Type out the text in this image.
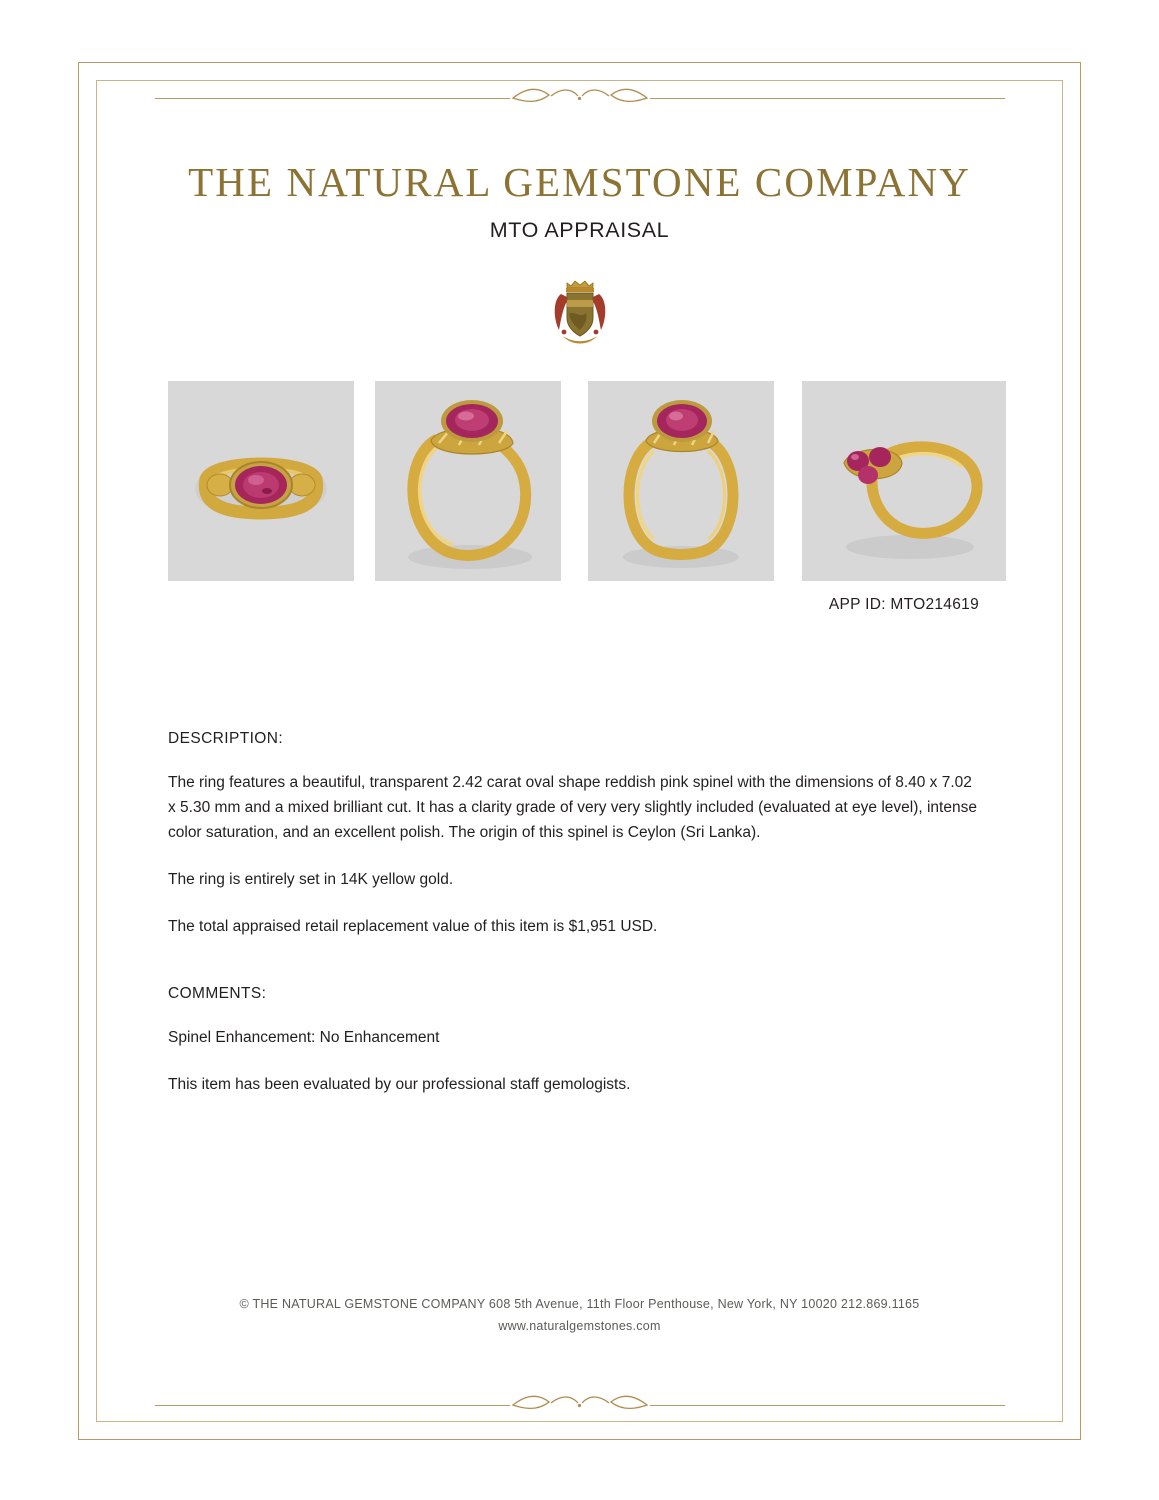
THE NATURAL GEMSTONE COMPANY
MTO APPRAISAL
APP ID: MTO214619
DESCRIPTION:

The ring features a beautiful, transparent 2.42 carat oval shape reddish pink spinel with the dimensions of 8.40 x 7.02 x 5.30 mm and a mixed brilliant cut. It has a clarity grade of very very slightly included (evaluated at eye level), intense color saturation, and an excellent polish. The origin of this spinel is Ceylon (Sri Lanka).

The ring is entirely set in 14K yellow gold.

The total appraised retail replacement value of this item is $1,951 USD.

COMMENTS:

Spinel Enhancement: No Enhancement

This item has been evaluated by our professional staff gemologists.

© THE NATURAL GEMSTONE COMPANY 608 5th Avenue, 11th Floor Penthouse, New York, NY 10020 212.869.1165
www.naturalgemstones.com
